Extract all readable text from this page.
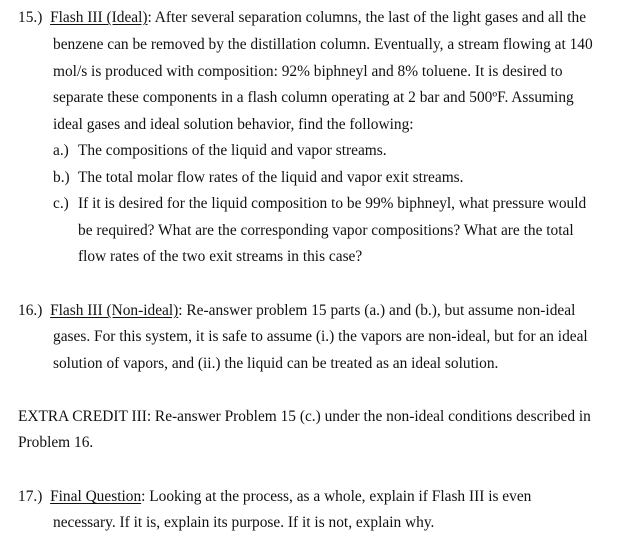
15.) Flash III (Ideal): After several separation columns, the last of the light gases and all the
benzene can be removed by the distillation column. Eventually, a stream flowing at 140
mol/s is produced with composition: 92% biphneyl and 8% toluene. It is desired to
separate these components in a flash column operating at 2 bar and 500ºF. Assuming
ideal gases and ideal solution behavior, find the following:
a.) The compositions of the liquid and vapor streams.
b.) The total molar flow rates of the liquid and vapor exit streams.
c.) If it is desired for the liquid composition to be 99% biphneyl, what pressure would
be required? What are the corresponding vapor compositions? What are the total
flow rates of the two exit streams in this case?
16.) Flash III (Non-ideal): Re-answer problem 15 parts (a.) and (b.), but assume non-ideal
gases. For this system, it is safe to assume (i.) the vapors are non-ideal, but for an ideal
solution of vapors, and (ii.) the liquid can be treated as an ideal solution.
EXTRA CREDIT III: Re-answer Problem 15 (c.) under the non-ideal conditions described in
Problem 16.
17.) Final Question: Looking at the process, as a whole, explain if Flash III is even
necessary. If it is, explain its purpose. If it is not, explain why.
